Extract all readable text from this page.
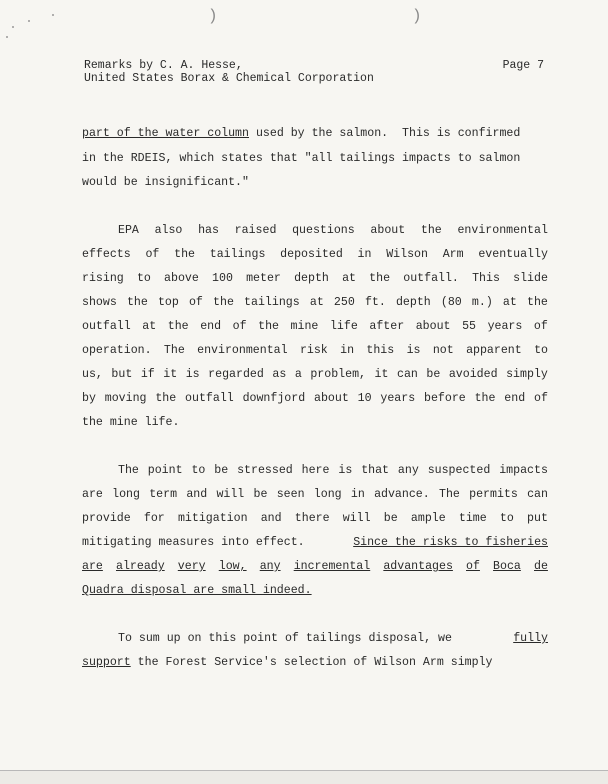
)	)
Remarks by C. A. Hesse,	Page 7
United States Borax & Chemical Corporation
part of the water column used by the salmon.  This is confirmed
in the RDEIS, which states that "all tailings impacts to salmon
would be insignificant."
EPA also has raised questions about the environmental
effects of the tailings deposited in Wilson Arm eventually
rising to above 100 meter depth at the outfall. This slide
shows the top of the tailings at 250 ft. depth (80 m.) at the
outfall at the end of the mine life after about 55 years of
operation. The environmental risk in this is not apparent to
us, but if it is regarded as a problem, it can be avoided simply
by moving the outfall downfjord about 10 years before the end of
the mine life.
The point to be stressed here is that any suspected impacts
are long term and will be seen long in advance. The permits can
provide for mitigation and there will be ample time to put
mitigating measures into effect.	Since the risks to fisheries
are already very low, any incremental advantages of Boca de
Quadra disposal are small indeed.
To sum up on this point of tailings disposal, we	fully
support the Forest Service's selection of Wilson Arm simply
